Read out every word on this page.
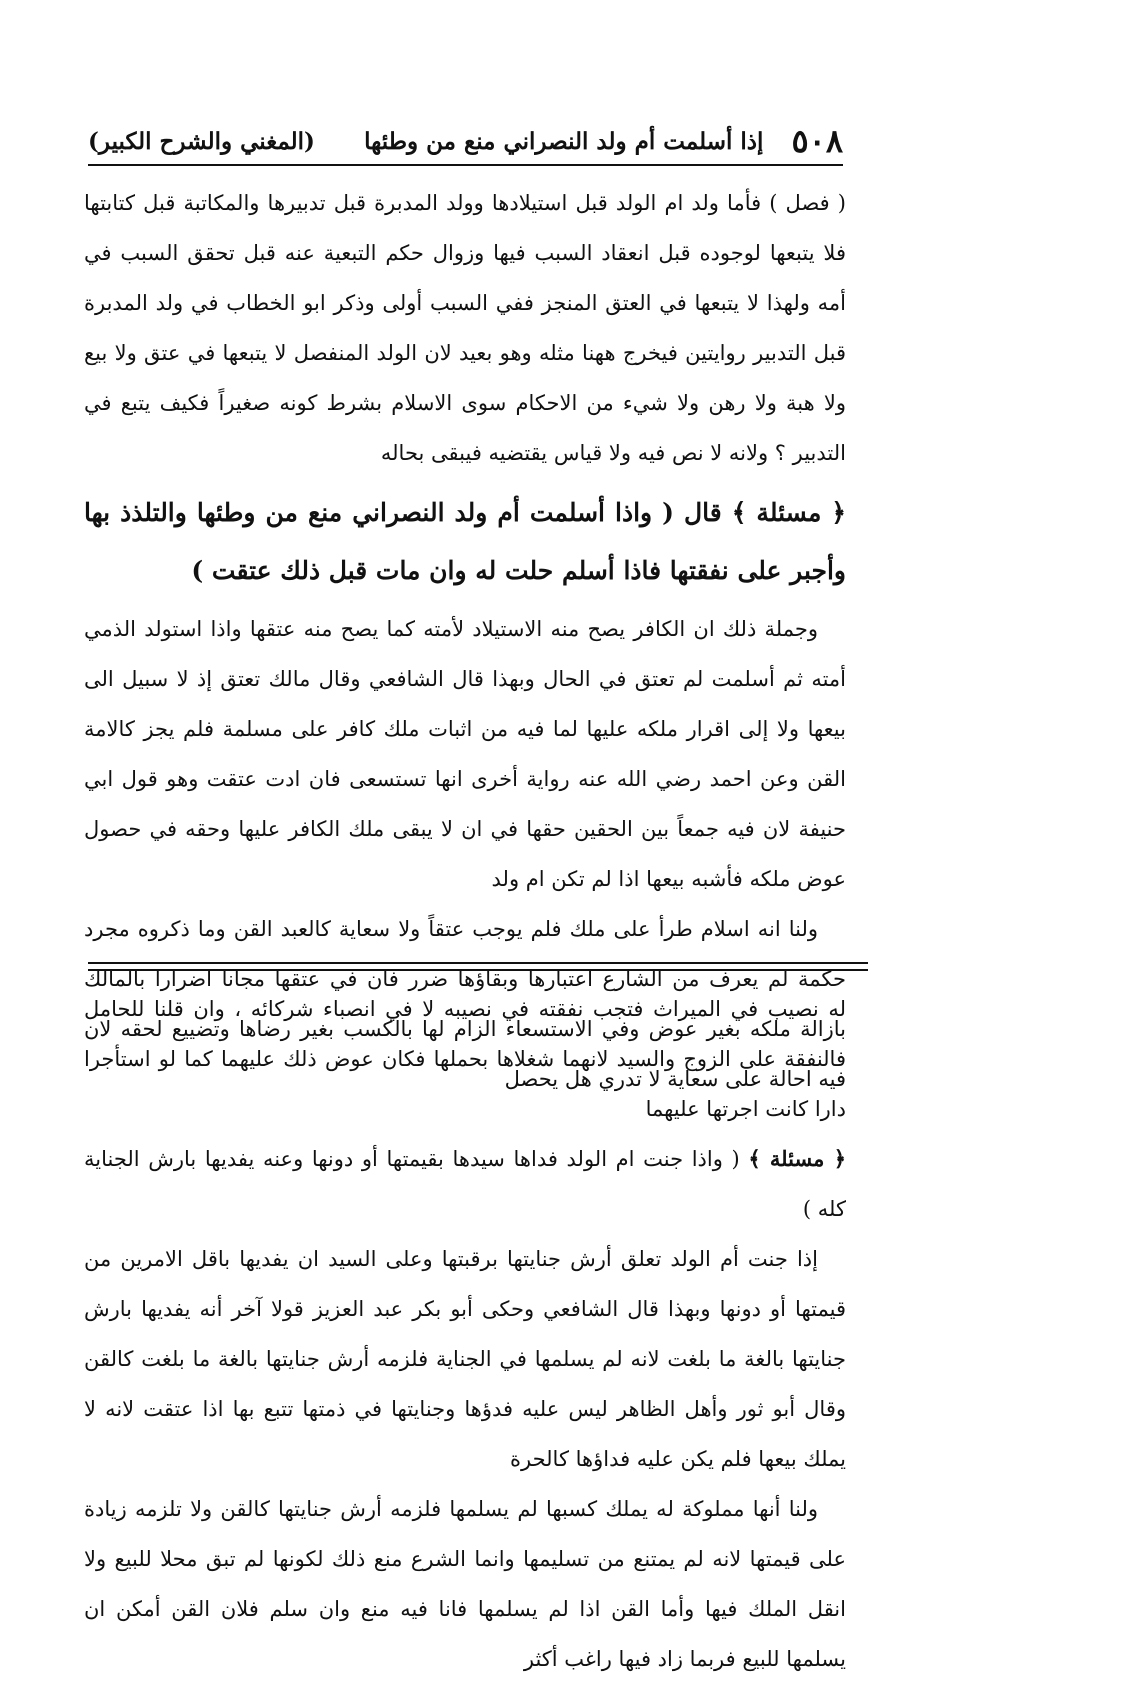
٥٠٨
إذا أسلمت أم ولد النصراني منع من وطئها
(المغني والشرح الكبير)

( فصل ) فأما ولد ام الولد قبل استيلادها وولد المدبرة قبل تدبيرها والمكاتبة قبل كتابتها فلا يتبعها لوجوده قبل انعقاد السبب فيها وزوال حكم التبعية عنه قبل تحقق السبب في أمه ولهذا لا يتبعها في العتق المنجز ففي السبب أولى وذكر ابو الخطاب في ولد المدبرة قبل التدبير روايتين فيخرج ههنا مثله وهو بعيد لان الولد المنفصل لا يتبعها في عتق ولا بيع ولا هبة ولا رهن ولا شيء من الاحكام سوى الاسلام بشرط كونه صغيراً فكيف يتبع في التدبير ؟ ولانه لا نص فيه ولا قياس يقتضيه فيبقى بحاله

﴿ مسئلة ﴾ قال ( واذا أسلمت أم ولد النصراني منع من وطئها والتلذذ بها وأجبر على نفقتها فاذا أسلم حلت له وان مات قبل ذلك عتقت )

وجملة ذلك ان الكافر يصح منه الاستيلاد لأمته كما يصح منه عتقها واذا استولد الذمي أمته ثم أسلمت لم تعتق في الحال وبهذا قال الشافعي وقال مالك تعتق إذ لا سبيل الى بيعها ولا إلى اقرار ملكه عليها لما فيه من اثبات ملك كافر على مسلمة فلم يجز كالامة القن وعن احمد رضي الله عنه رواية أخرى انها تستسعى فان ادت عتقت وهو قول ابي حنيفة لان فيه جمعاً بين الحقين حقها في ان لا يبقى ملك الكافر عليها وحقه في حصول عوض ملكه فأشبه بيعها اذا لم تكن ام ولد

ولنا انه اسلام طرأ على ملك فلم يوجب عتقاً ولا سعاية كالعبد القن وما ذكروه مجرد حكمة لم يعرف من الشارع اعتبارها وبقاؤها ضرر فان في عتقها مجانا اضرارا بالمالك بازالة ملكه بغير عوض وفي الاستسعاء الزام لها بالكسب بغير رضاها وتضييع لحقه لان فيه احالة على سعاية لا تدري هل يحصل

له نصيب في الميراث فتجب نفقته في نصيبه لا في انصباء شركائه ، وان قلنا للحامل فالنفقة على الزوج والسيد لانهما شغلاها بحملها فكان عوض ذلك عليهما كما لو استأجرا دارا كانت اجرتها عليهما

﴿ مسئلة ﴾ ( واذا جنت ام الولد فداها سيدها بقيمتها أو دونها وعنه يفديها بارش الجناية كله )

إذا جنت أم الولد تعلق أرش جنايتها برقبتها وعلى السيد ان يفديها باقل الامرين من قيمتها أو دونها وبهذا قال الشافعي وحكى أبو بكر عبد العزيز قولا آخر أنه يفديها بارش جنايتها بالغة ما بلغت لانه لم يسلمها في الجناية فلزمه أرش جنايتها بالغة ما بلغت كالقن وقال أبو ثور وأهل الظاهر ليس عليه فدؤها وجنايتها في ذمتها تتبع بها اذا عتقت لانه لا يملك بيعها فلم يكن عليه فداؤها كالحرة

ولنا أنها مملوكة له يملك كسبها لم يسلمها فلزمه أرش جنايتها كالقن ولا تلزمه زيادة على قيمتها لانه لم يمتنع من تسليمها وانما الشرع منع ذلك لكونها لم تبق محلا للبيع ولا انقل الملك فيها وأما القن اذا لم يسلمها فانا فيه منع وان سلم فلان القن أمكن ان يسلمها للبيع فربما زاد فيها راغب أكثر
